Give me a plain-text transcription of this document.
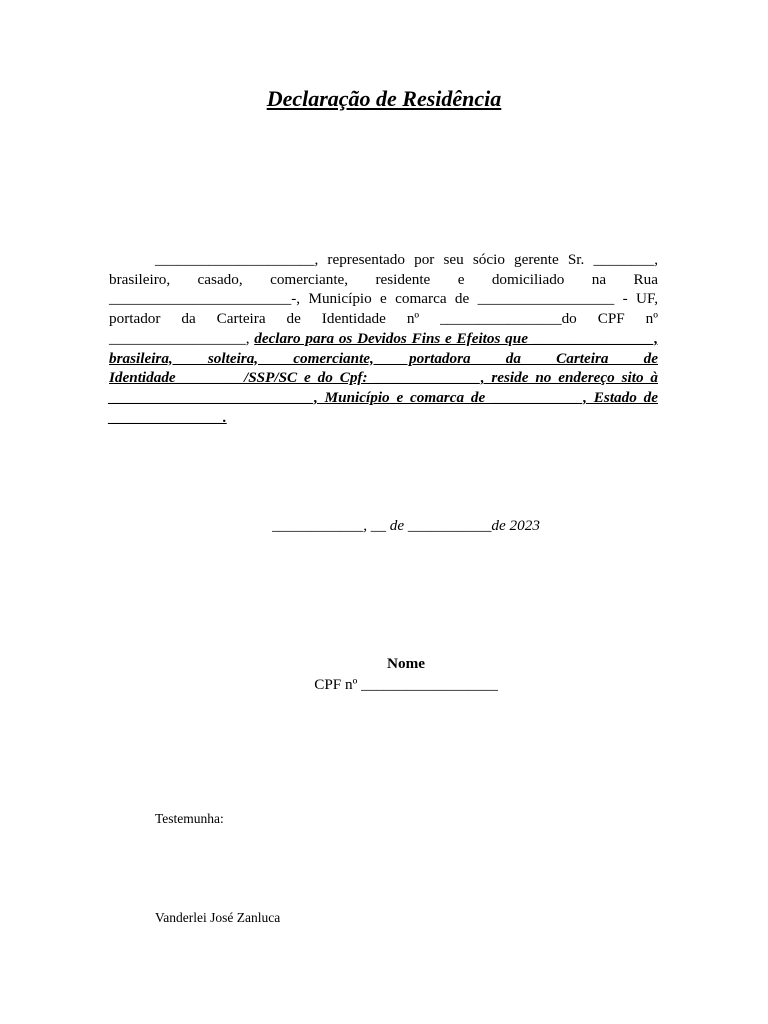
Declaração de Residência

_____________________, representado por seu sócio gerente Sr. ________, brasileiro, casado, comerciante, residente e domiciliado na Rua ________________________-, Município e comarca de __________________ - UF, portador da Carteira de Identidade nº ________________do CPF nº __________________, declaro para os Devidos Fins e Efeitos que ________________, brasileira, solteira, comerciante, portadora da Carteira de Identidade_________/SSP/SC e do Cpf: ______________, reside no endereço sito à ___________________________, Município e comarca de ____________, Estado de _______________.

____________, __ de ___________de 2023

Nome
CPF nº __________________

Testemunha:

Vanderlei José Zanluca
